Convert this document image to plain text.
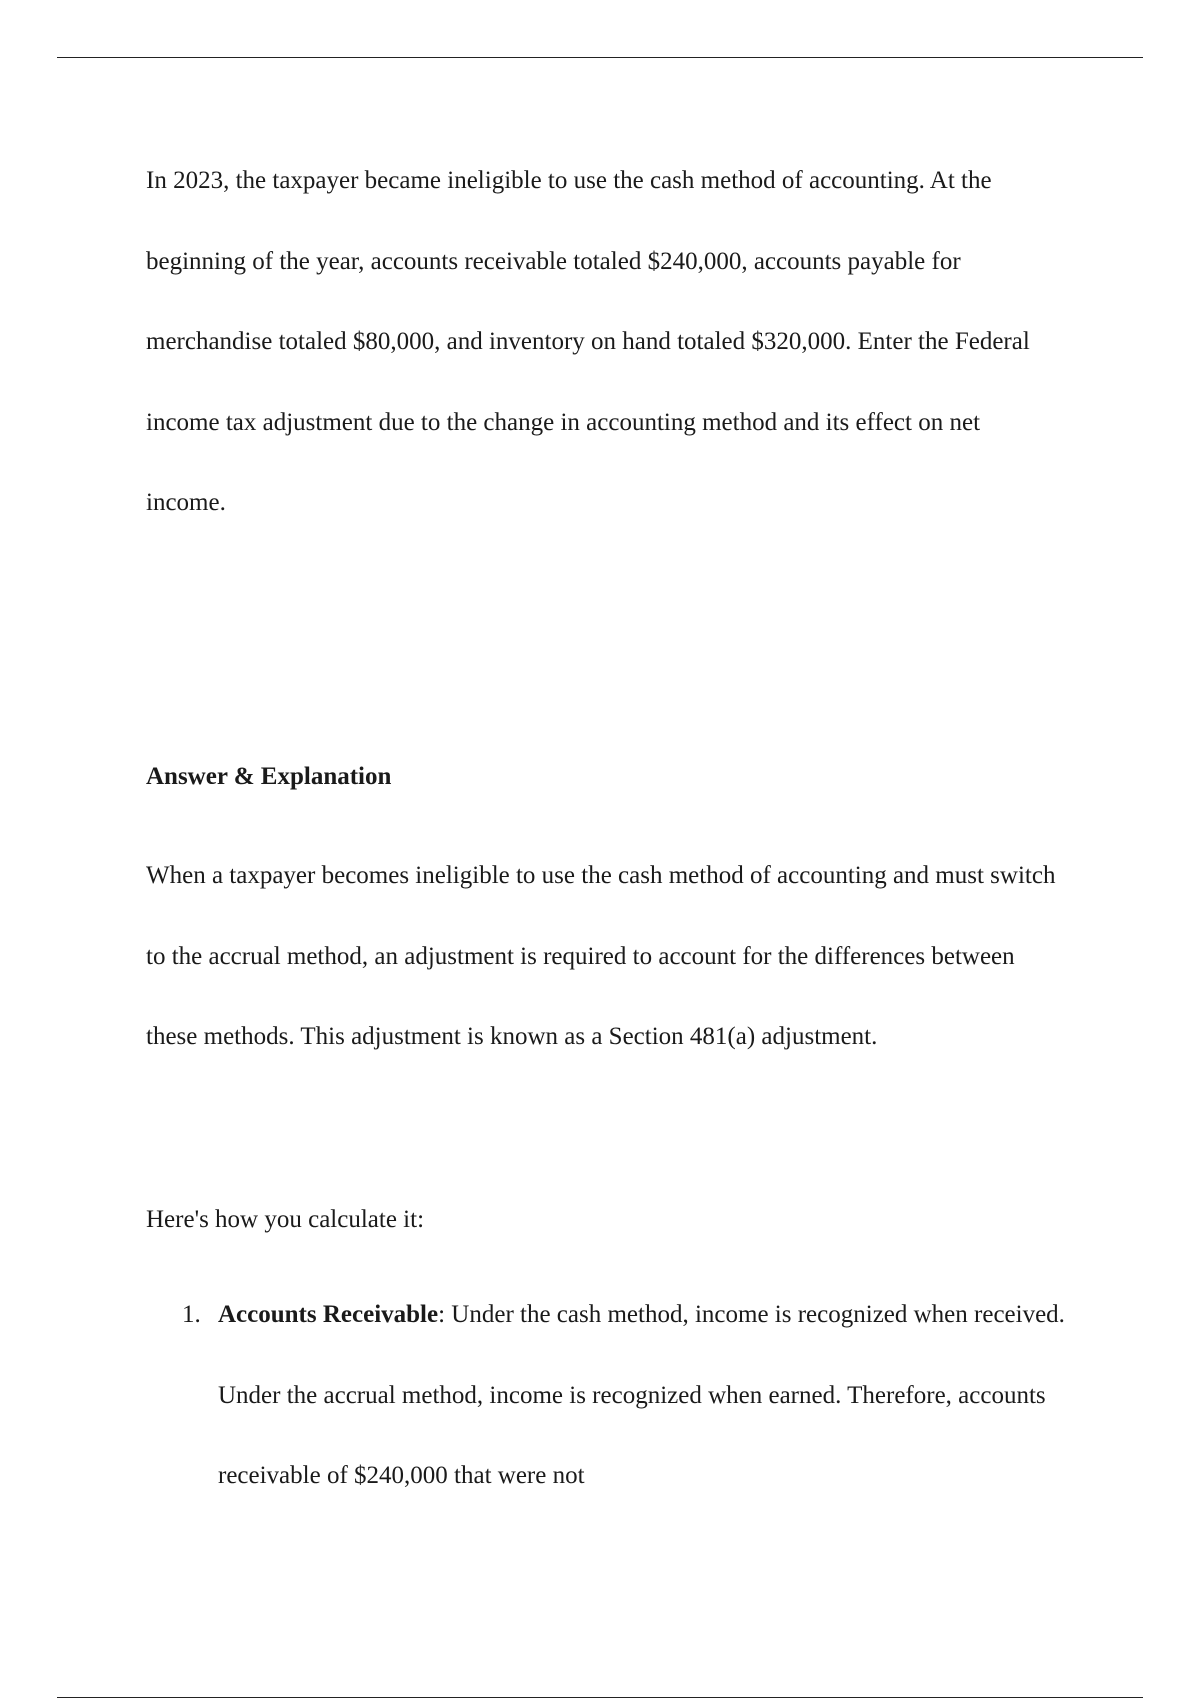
In 2023, the taxpayer became ineligible to use the cash method of accounting. At the beginning of the year, accounts receivable totaled $240,000, accounts payable for merchandise totaled $80,000, and inventory on hand totaled $320,000. Enter the Federal income tax adjustment due to the change in accounting method and its effect on net income.

Answer & Explanation

When a taxpayer becomes ineligible to use the cash method of accounting and must switch to the accrual method, an adjustment is required to account for the differences between these methods. This adjustment is known as a Section 481(a) adjustment.

Here's how you calculate it:

1. Accounts Receivable: Under the cash method, income is recognized when received. Under the accrual method, income is recognized when earned. Therefore, accounts receivable of $240,000 that were not
